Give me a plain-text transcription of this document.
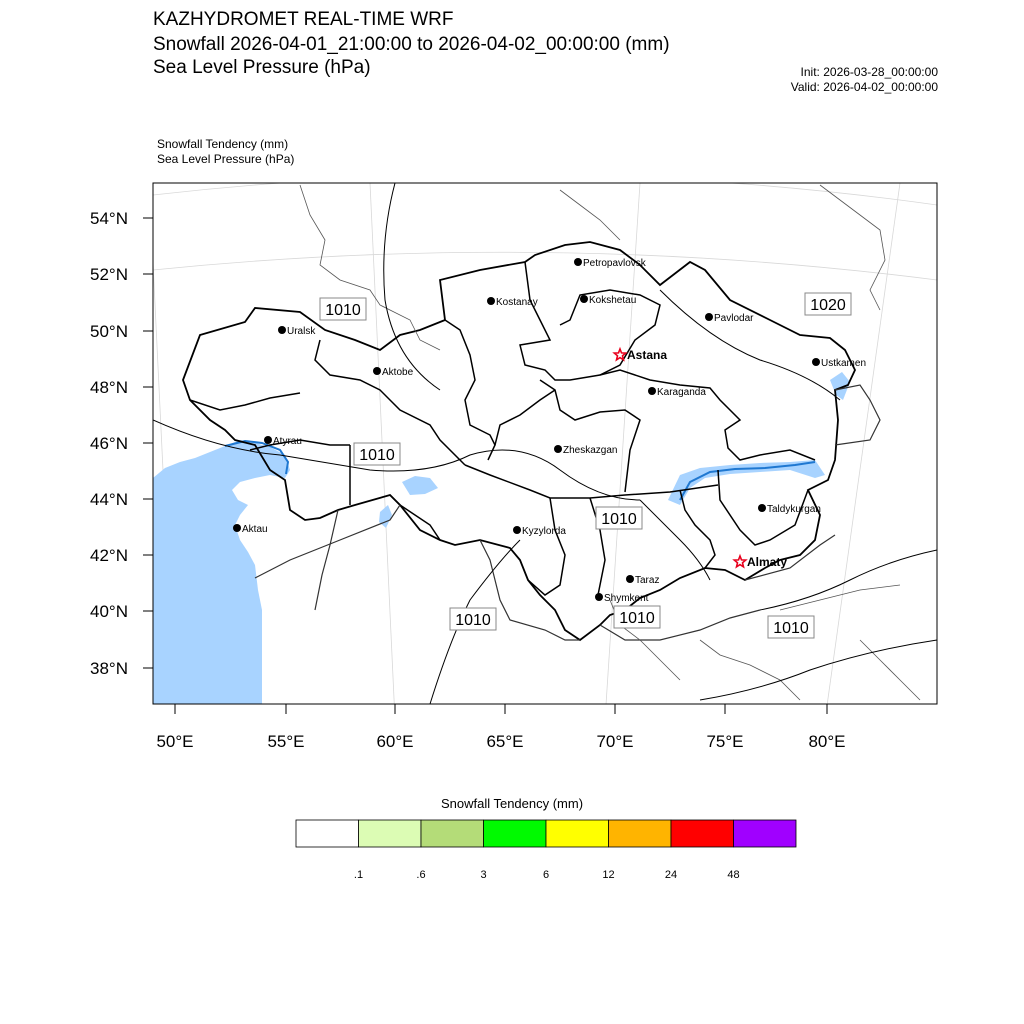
KAZHYDROMET REAL-TIME WRF
Snowfall 2026-04-01_21:00:00 to 2026-04-02_00:00:00 (mm)
Sea Level Pressure (hPa)	Init: 2026-03-28_00:00:00
Valid: 2026-04-02_00:00:00
Snowfall Tendency (mm)
Sea Level Pressure (hPa)
54°N
52°N
50°N
48°N
46°N
44°N
42°N
40°N
38°N
50°E	55°E	60°E	65°E	70°E	75°E	80°E
1010	1020
1010
1010
1010	1010
1010
Petropavlovsk
Kostanay	Kokshetau
Pavlodar
Uralsk
Astana
Ustkamen
Aktobe
Karaganda
Atyrau
Zheskazgan
Aktau	Kyzylorda
Taldykurgan
Almaty
Taraz
Shymkent
.1	.6	3	6	12	24	48
Snowfall Tendency (mm)
